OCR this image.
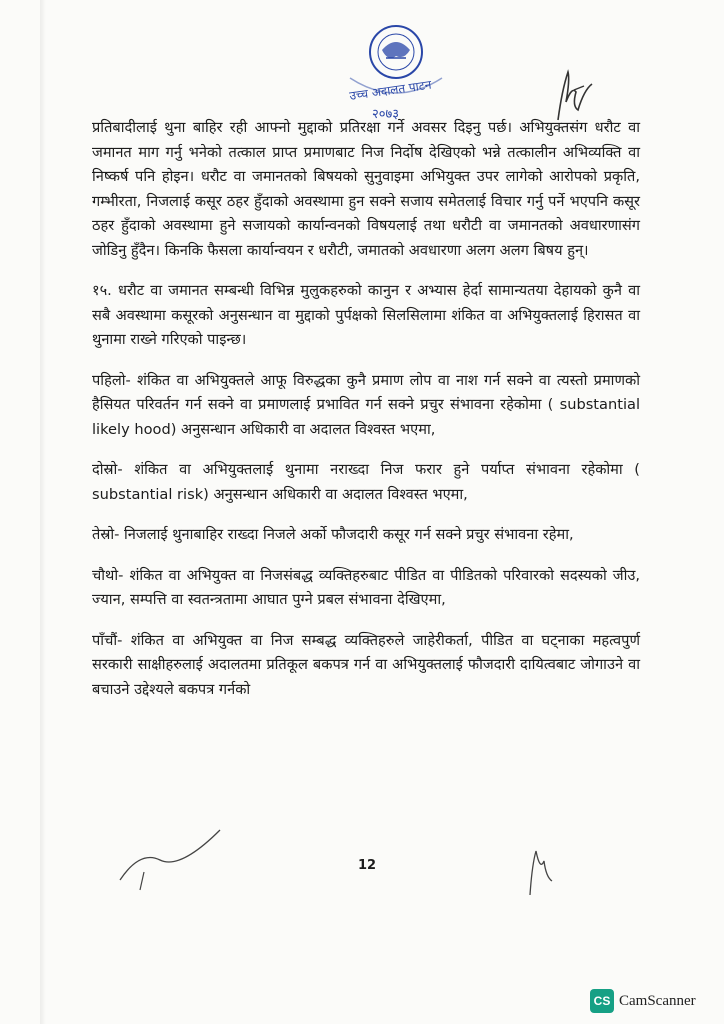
उच्च अदालत पाटन
२०७३

प्रतिबादीलाई थुना बाहिर रही आफ्नो मुद्दाको प्रतिरक्षा गर्ने अवसर दिइनु पर्छ। अभियुक्तसंग धरौट वा जमानत माग गर्नु भनेको तत्काल प्राप्त प्रमाणबाट निज निर्दोष देखिएको भन्ने तत्कालीन अभिव्यक्ति वा निष्कर्ष पनि होइन। धरौट वा जमानतको बिषयको सुनुवाइमा अभियुक्त उपर लागेको आरोपको प्रकृति, गम्भीरता, निजलाई कसूर ठहर हुँदाको अवस्थामा हुन सक्ने सजाय समेतलाई विचार गर्नु पर्ने भएपनि कसूर ठहर हुँदाको अवस्थामा हुने सजायको कार्यान्वनको विषयलाई तथा धरौटी वा जमानतको अवधारणासंग जोडिनु हुँदैन। किनकि फैसला कार्यान्वयन र धरौटी, जमातको अवधारणा अलग अलग बिषय हुन्।

१५. धरौट वा जमानत सम्बन्धी विभिन्न मुलुकहरुको कानुन र अभ्यास हेर्दा सामान्यतया देहायको कुनै वा सबै अवस्थामा कसूरको अनुसन्धान वा मुद्दाको पुर्पक्षको सिलसिलामा शंकित वा अभियुक्तलाई हिरासत वा थुनामा राख्ने गरिएको पाइन्छ।

पहिलो- शंकित वा अभियुक्तले आफू विरुद्धका कुनै प्रमाण लोप वा नाश गर्न सक्ने वा त्यस्तो प्रमाणको हैसियत परिवर्तन गर्न सक्ने वा प्रमाणलाई प्रभावित गर्न सक्ने प्रचुर संभावना रहेकोमा ( substantial likely hood) अनुसन्धान अधिकारी वा अदालत विश्वस्त भएमा,

दोस्रो- शंकित वा अभियुक्तलाई थुनामा नराख्दा निज फरार हुने पर्याप्त संभावना रहेकोमा ( substantial risk) अनुसन्धान अधिकारी वा अदालत विश्वस्त भएमा,

तेस्रो- निजलाई थुनाबाहिर राख्दा निजले अर्को फौजदारी कसूर गर्न सक्ने प्रचुर संभावना रहेमा,

चौथो- शंकित वा अभियुक्त वा निजसंबद्ध व्यक्तिहरुबाट पीडित वा पीडितको परिवारको सदस्यको जीउ, ज्यान, सम्पत्ति वा स्वतन्त्रतामा आघात पुग्ने प्रबल संभावना देखिएमा,

पाँचौं- शंकित वा अभियुक्त वा निज सम्बद्ध व्यक्तिहरुले जाहेरीकर्ता, पीडित वा घट्नाका महत्वपुर्ण सरकारी साक्षीहरुलाई अदालतमा प्रतिकूल बकपत्र गर्न वा अभियुक्तलाई फौजदारी दायित्वबाट जोगाउने वा बचाउने उद्देश्यले बकपत्र गर्नको

12
CS CamScanner
